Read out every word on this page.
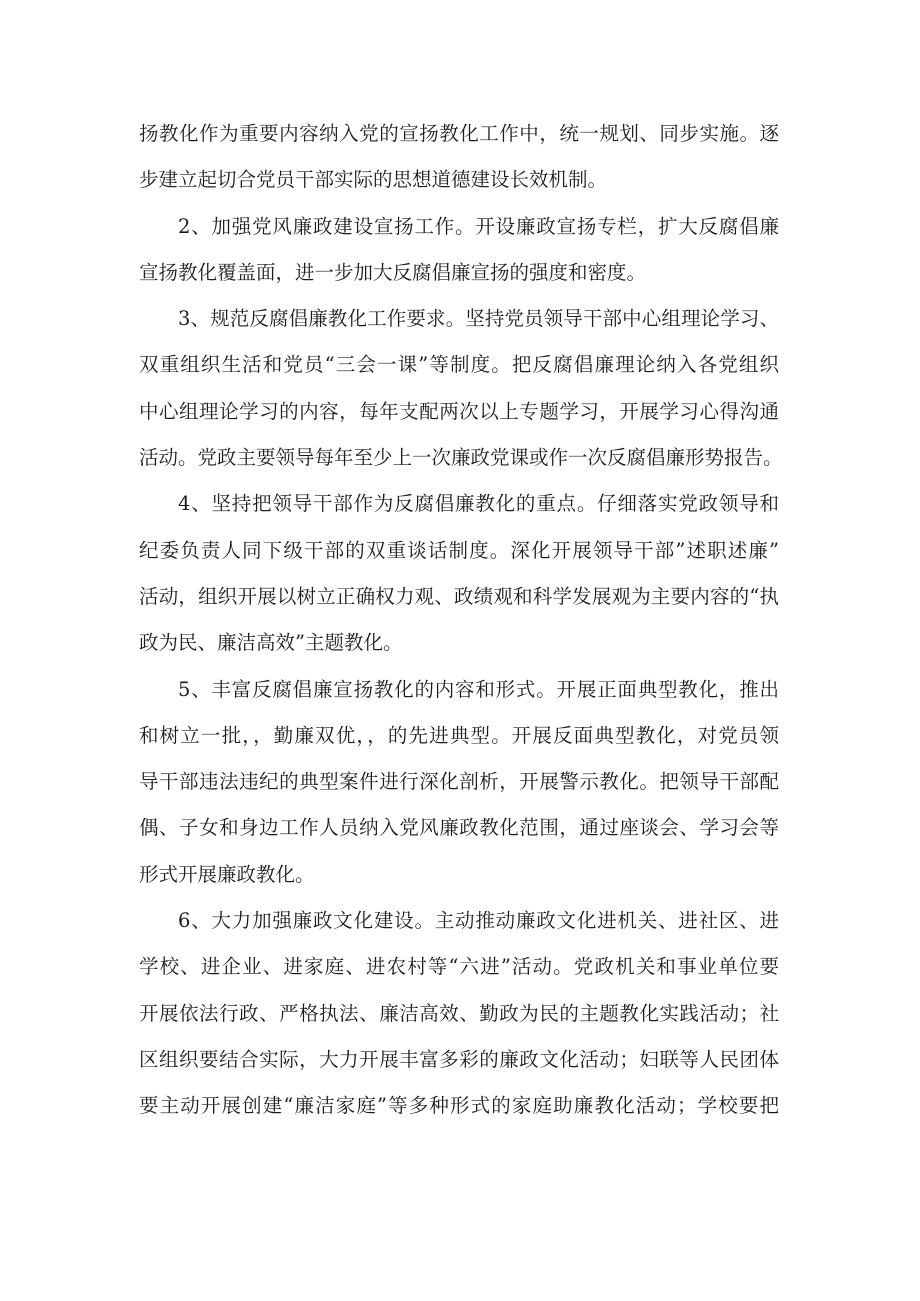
扬教化作为重要内容纳入党的宣扬教化工作中，统一规划、同步实施。逐
步建立起切合党员干部实际的思想道德建设长效机制。
2、加强党风廉政建设宣扬工作。开设廉政宣扬专栏，扩大反腐倡廉
宣扬教化覆盖面，进一步加大反腐倡廉宣扬的强度和密度。
3、规范反腐倡廉教化工作要求。坚持党员领导干部中心组理论学习、
双重组织生活和党员“三会一课”等制度。把反腐倡廉理论纳入各党组织
中心组理论学习的内容，每年支配两次以上专题学习，开展学习心得沟通
活动。党政主要领导每年至少上一次廉政党课或作一次反腐倡廉形势报告。
4、坚持把领导干部作为反腐倡廉教化的重点。仔细落实党政领导和
纪委负责人同下级干部的双重谈话制度。深化开展领导干部”述职述廉”
活动，组织开展以树立正确权力观、政绩观和科学发展观为主要内容的“执
政为民、廉洁高效”主题教化。
5、丰富反腐倡廉宣扬教化的内容和形式。开展正面典型教化，推出
和树立一批，，勤廉双优，，的先进典型。开展反面典型教化，对党员领
导干部违法违纪的典型案件进行深化剖析，开展警示教化。把领导干部配
偶、子女和身边工作人员纳入党风廉政教化范围，通过座谈会、学习会等
形式开展廉政教化。
6、大力加强廉政文化建设。主动推动廉政文化进机关、进社区、进
学校、进企业、进家庭、进农村等“六进”活动。党政机关和事业单位要
开展依法行政、严格执法、廉洁高效、勤政为民的主题教化实践活动；社
区组织要结合实际，大力开展丰富多彩的廉政文化活动；妇联等人民团体
要主动开展创建“廉洁家庭”等多种形式的家庭助廉教化活动；学校要把
